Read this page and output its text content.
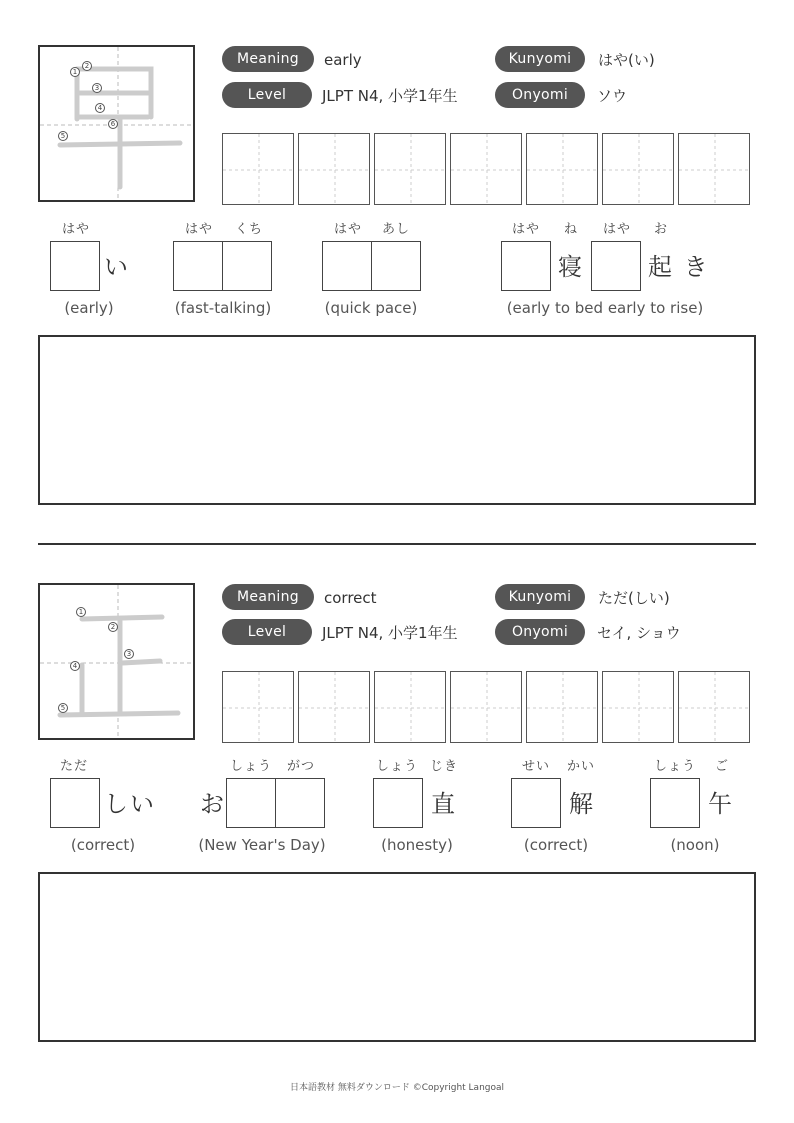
1
2
3
4
5
6
Meaning	early	Kunyomi	はや(い)
Level	JLPT N4, 小学1年生	Onyomi	ソウ
はや
い
(early)
はや くち
(fast-talking)
はや あし
(quick pace)
はや ね はや お
寝	起 き
(early to bed early to rise)
1
2
3
4
5
Meaning	correct	Kunyomi	ただ(しい)
Level	JLPT N4, 小学1年生	Onyomi	セイ, ショウ
ただ
しい
(correct)
しょう がつ
お
(New Year's Day)
しょう じき
直
(honesty)
せい かい
解
(correct)
しょう ご
午
(noon)
日本語教材 無料ダウンロード ©Copyright Langoal
